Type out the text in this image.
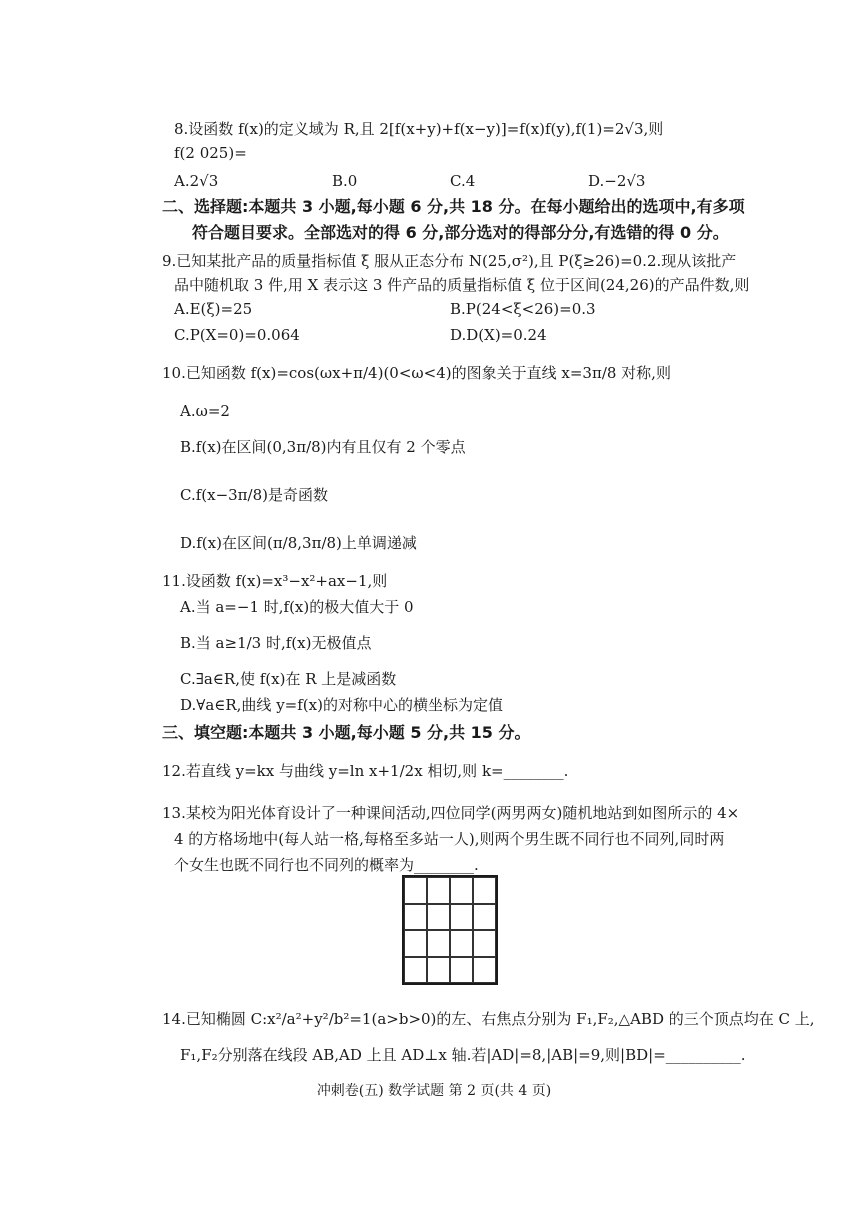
8.设函数 f(x)的定义域为 R,且 2[f(x+y)+f(x−y)]=f(x)f(y),f(1)=2√3,则
f(2 025)=
A.2√3	B.0	C.4	D.−2√3
二、选择题:本题共 3 小题,每小题 6 分,共 18 分。在每小题给出的选项中,有多项
符合题目要求。全部选对的得 6 分,部分选对的得部分分,有选错的得 0 分。
9.已知某批产品的质量指标值 ξ 服从正态分布 N(25,σ²),且 P(ξ≥26)=0.2.现从该批产
品中随机取 3 件,用 X 表示这 3 件产品的质量指标值 ξ 位于区间(24,26)的产品件数,则
A.E(ξ)=25	B.P(24<ξ<26)=0.3
C.P(X=0)=0.064	D.D(X)=0.24
10.已知函数 f(x)=cos(ωx+π/4)(0<ω<4)的图象关于直线 x=3π/8 对称,则
A.ω=2
B.f(x)在区间(0,3π/8)内有且仅有 2 个零点
C.f(x−3π/8)是奇函数
D.f(x)在区间(π/8,3π/8)上单调递减
11.设函数 f(x)=x³−x²+ax−1,则
A.当 a=−1 时,f(x)的极大值大于 0
B.当 a≥1/3 时,f(x)无极值点
C.∃a∈R,使 f(x)在 R 上是减函数
D.∀a∈R,曲线 y=f(x)的对称中心的横坐标为定值
三、填空题:本题共 3 小题,每小题 5 分,共 15 分。
12.若直线 y=kx 与曲线 y=ln x+1/2x 相切,则 k=________.
13.某校为阳光体育设计了一种课间活动,四位同学(两男两女)随机地站到如图所示的 4×
4 的方格场地中(每人站一格,每格至多站一人),则两个男生既不同行也不同列,同时两
个女生也既不同行也不同列的概率为________.
14.已知椭圆 C:x²/a²+y²/b²=1(a>b>0)的左、右焦点分别为 F₁,F₂,△ABD 的三个顶点均在 C 上,
F₁,F₂分别落在线段 AB,AD 上且 AD⊥x 轴.若|AD|=8,|AB|=9,则|BD|=__________.
冲刺卷(五) 数学试题 第 2 页(共 4 页)
